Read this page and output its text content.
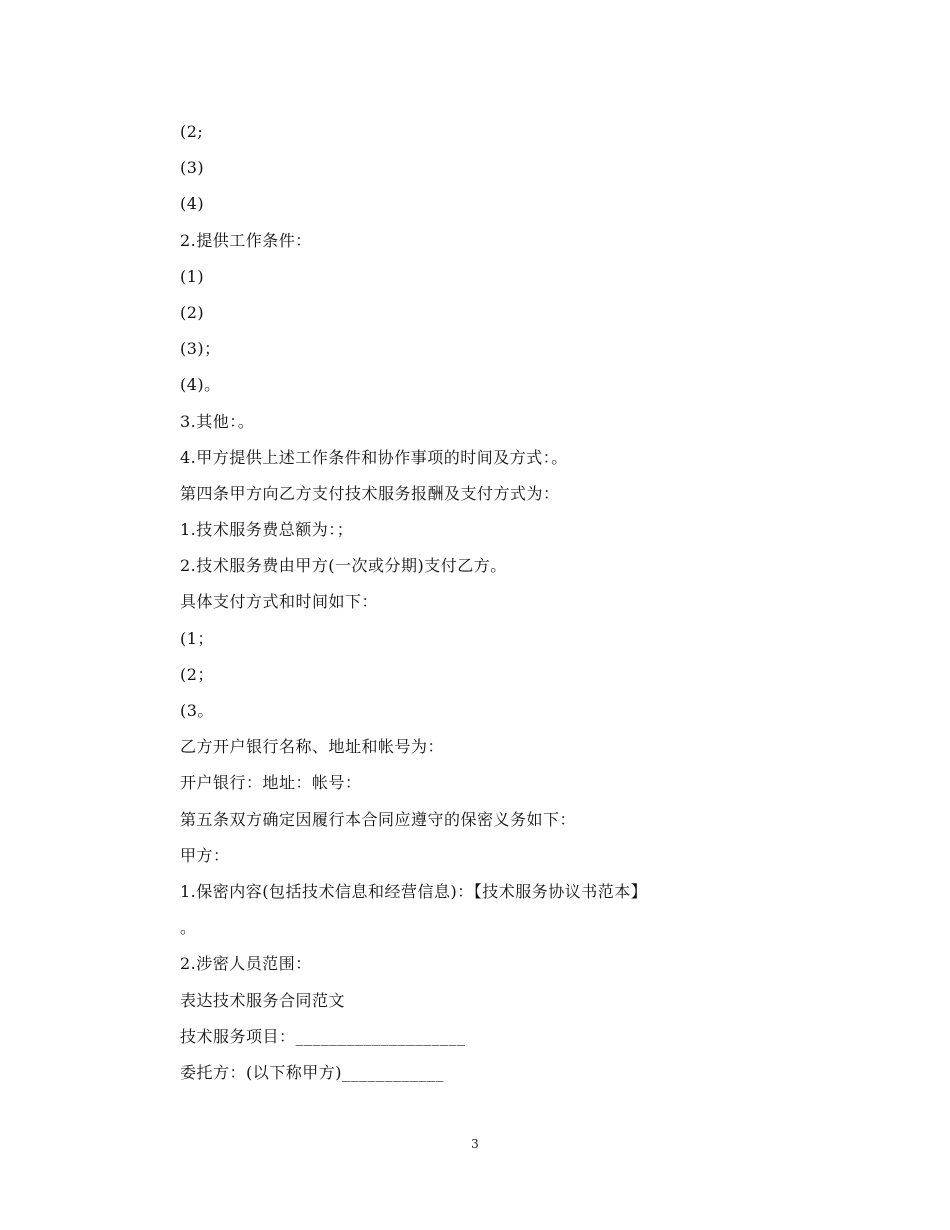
(2;
(3)
(4)
2.提供工作条件：
(1)
(2)
(3)；
(4)。
3.其他：。
4.甲方提供上述工作条件和协作事项的时间及方式：。
第四条甲方向乙方支付技术服务报酬及支付方式为：
1.技术服务费总额为：；
2.技术服务费由甲方(一次或分期)支付乙方。
具体支付方式和时间如下：
(1；
(2；
(3。
乙方开户银行名称、地址和帐号为：
开户银行：地址：帐号：
第五条双方确定因履行本合同应遵守的保密义务如下：
甲方：
1.保密内容(包括技术信息和经营信息)：【技术服务协议书范本】
。
2.涉密人员范围：
表达技术服务合同范文
技术服务项目：____________________
委托方：(以下称甲方)____________
3
